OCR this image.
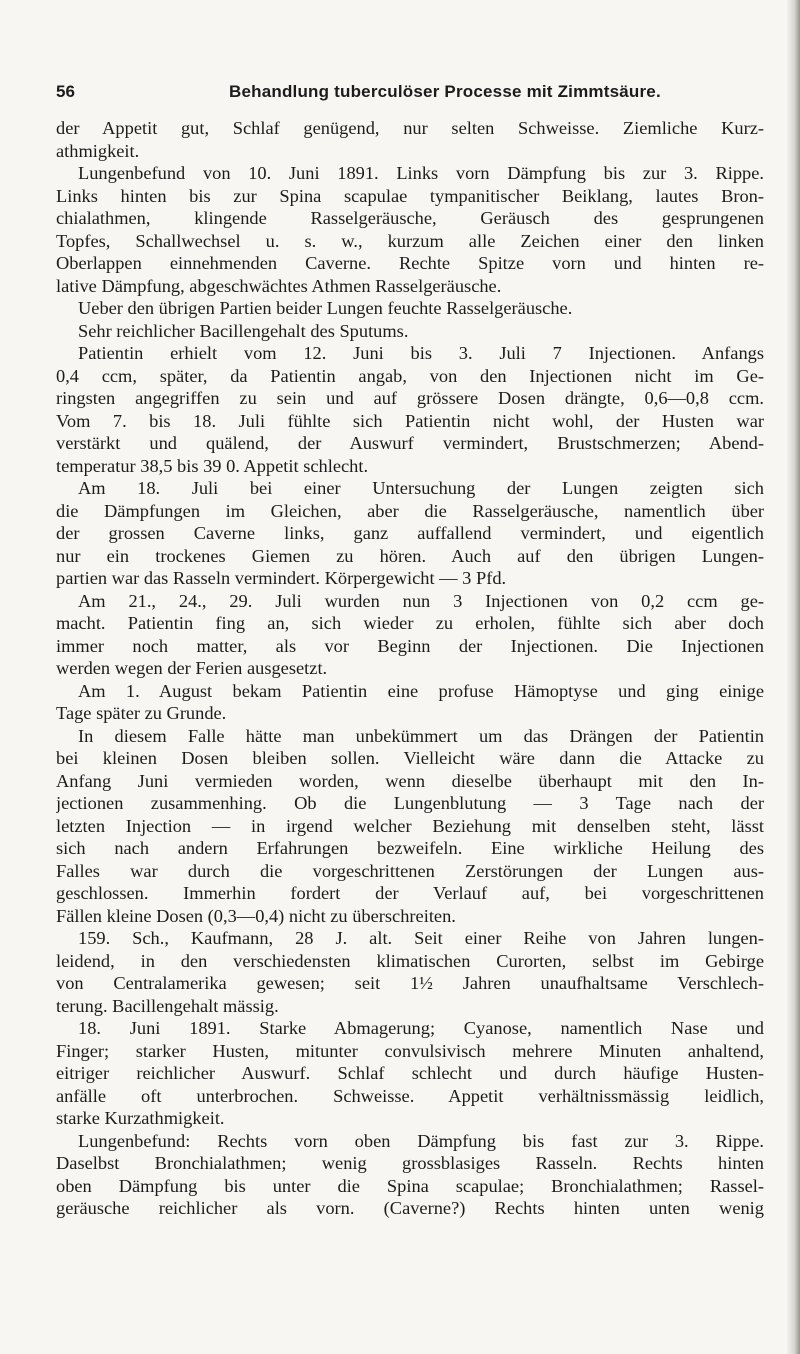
56	Behandlung tuberculöser Processe mit Zimmtsäure.
der Appetit gut, Schlaf genügend, nur selten Schweisse. Ziemliche Kurz-
athmigkeit.
Lungenbefund von 10. Juni 1891. Links vorn Dämpfung bis zur 3. Rippe.
Links hinten bis zur Spina scapulae tympanitischer Beiklang, lautes Bron-
chialathmen, klingende Rasselgeräusche, Geräusch des gesprungenen
Topfes, Schallwechsel u. s. w., kurzum alle Zeichen einer den linken
Oberlappen einnehmenden Caverne. Rechte Spitze vorn und hinten re-
lative Dämpfung, abgeschwächtes Athmen Rasselgeräusche.
Ueber den übrigen Partien beider Lungen feuchte Rasselgeräusche.
Sehr reichlicher Bacillengehalt des Sputums.
Patientin erhielt vom 12. Juni bis 3. Juli 7 Injectionen. Anfangs
0,4 ccm, später, da Patientin angab, von den Injectionen nicht im Ge-
ringsten angegriffen zu sein und auf grössere Dosen drängte, 0,6—0,8 ccm.
Vom 7. bis 18. Juli fühlte sich Patientin nicht wohl, der Husten war
verstärkt und quälend, der Auswurf vermindert, Brustschmerzen; Abend-
temperatur 38,5 bis 39 0. Appetit schlecht.
Am 18. Juli bei einer Untersuchung der Lungen zeigten sich
die Dämpfungen im Gleichen, aber die Rasselgeräusche, namentlich über
der grossen Caverne links, ganz auffallend vermindert, und eigentlich
nur ein trockenes Giemen zu hören. Auch auf den übrigen Lungen-
partien war das Rasseln vermindert. Körpergewicht — 3 Pfd.
Am 21., 24., 29. Juli wurden nun 3 Injectionen von 0,2 ccm ge-
macht. Patientin fing an, sich wieder zu erholen, fühlte sich aber doch
immer noch matter, als vor Beginn der Injectionen. Die Injectionen
werden wegen der Ferien ausgesetzt.
Am 1. August bekam Patientin eine profuse Hämoptyse und ging einige
Tage später zu Grunde.
In diesem Falle hätte man unbekümmert um das Drängen der Patientin
bei kleinen Dosen bleiben sollen. Vielleicht wäre dann die Attacke zu
Anfang Juni vermieden worden, wenn dieselbe überhaupt mit den In-
jectionen zusammenhing. Ob die Lungenblutung — 3 Tage nach der
letzten Injection — in irgend welcher Beziehung mit denselben steht, lässt
sich nach andern Erfahrungen bezweifeln. Eine wirkliche Heilung des
Falles war durch die vorgeschrittenen Zerstörungen der Lungen aus-
geschlossen. Immerhin fordert der Verlauf auf, bei vorgeschrittenen
Fällen kleine Dosen (0,3—0,4) nicht zu überschreiten.
159. Sch., Kaufmann, 28 J. alt. Seit einer Reihe von Jahren lungen-
leidend, in den verschiedensten klimatischen Curorten, selbst im Gebirge
von Centralamerika gewesen; seit 1½ Jahren unaufhaltsame Verschlech-
terung. Bacillengehalt mässig.
18. Juni 1891. Starke Abmagerung; Cyanose, namentlich Nase und
Finger; starker Husten, mitunter convulsivisch mehrere Minuten anhaltend,
eitriger reichlicher Auswurf. Schlaf schlecht und durch häufige Husten-
anfälle oft unterbrochen. Schweisse. Appetit verhältnissmässig leidlich,
starke Kurzathmigkeit.
Lungenbefund: Rechts vorn oben Dämpfung bis fast zur 3. Rippe.
Daselbst Bronchialathmen; wenig grossblasiges Rasseln. Rechts hinten
oben Dämpfung bis unter die Spina scapulae; Bronchialathmen; Rassel-
geräusche reichlicher als vorn. (Caverne?) Rechts hinten unten wenig
